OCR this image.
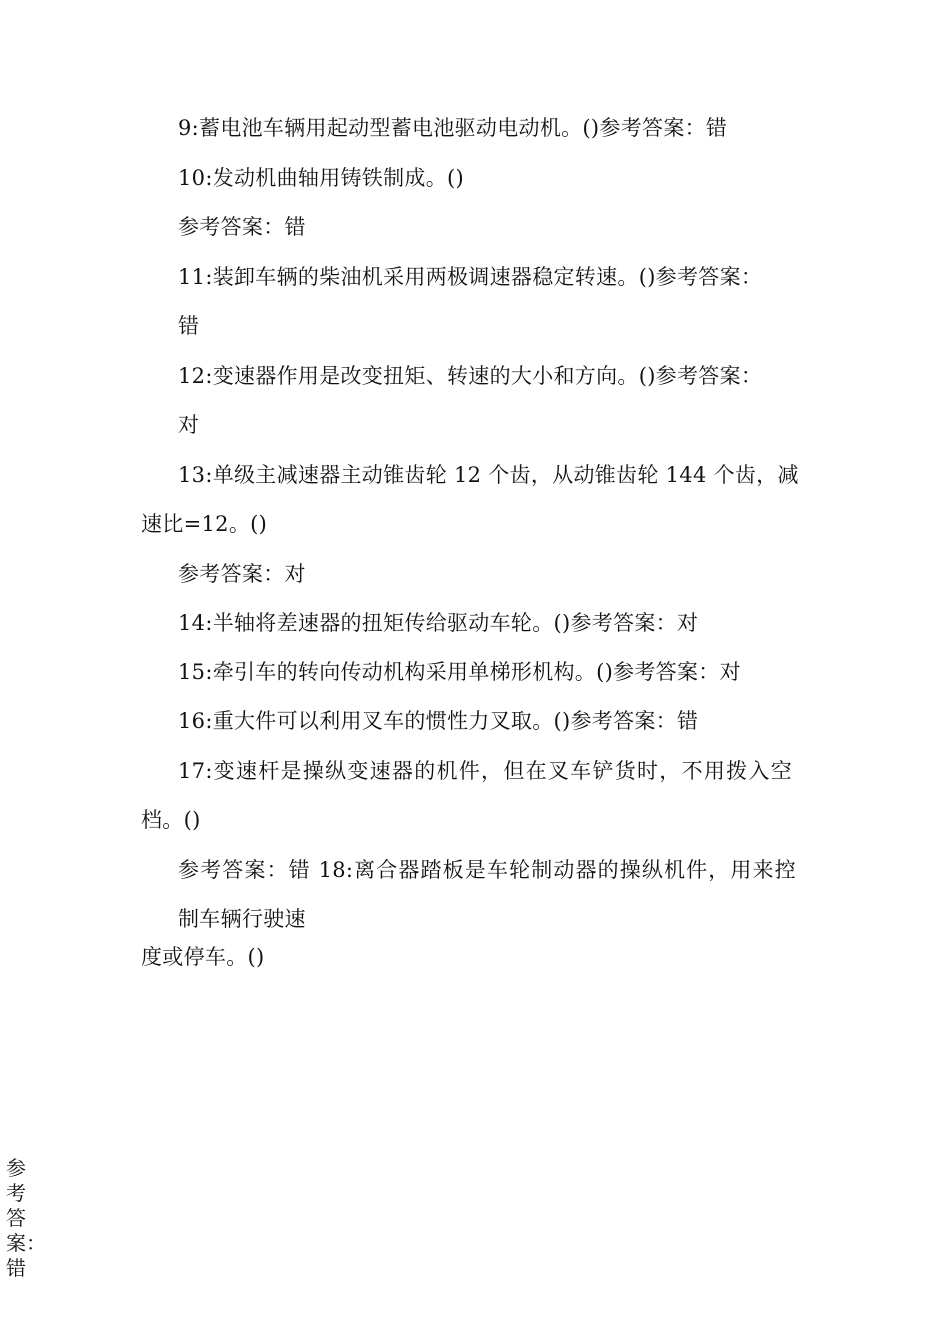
9:蓄电池车辆用起动型蓄电池驱动电动机。()参考答案：错
10:发动机曲轴用铸铁制成。()
参考答案：错
11:装卸车辆的柴油机采用两极调速器稳定转速。()参考答案：
错
12:变速器作用是改变扭矩、转速的大小和方向。()参考答案：
对
13:单级主减速器主动锥齿轮 12 个齿，从动锥齿轮 144 个齿，减
速比=12。()
参考答案：对
14:半轴将差速器的扭矩传给驱动车轮。()参考答案：对
15:牵引车的转向传动机构采用单梯形机构。()参考答案：对
16:重大件可以利用叉车的惯性力叉取。()参考答案：错
17:变速杆是操纵变速器的机件，但在叉车铲货时，不用拨入空
档。()
参考答案：错 18:离合器踏板是车轮制动器的操纵机件，用来控
制车辆行驶速
度或停车。()
参
考
答
案：
错
